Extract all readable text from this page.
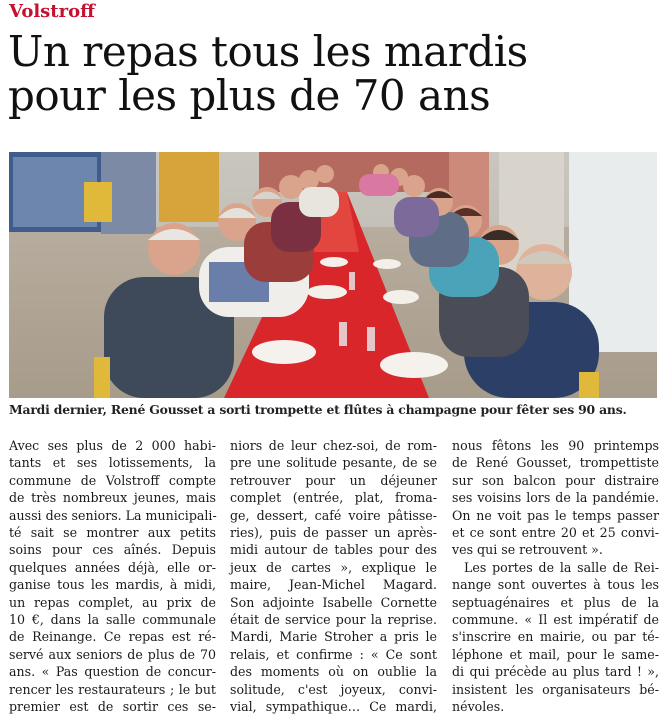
Volstroff
Un repas tous les mardis
pour les plus de 70 ans
Mardi dernier, René Gousset a sorti trompette et flûtes à champagne pour fêter ses 90 ans.
Avec ses plus de 2 000 habi-
tants et ses lotissements, la
commune de Volstroff compte
de très nombreux jeunes, mais
aussi des seniors. La municipali-
té sait se montrer aux petits
soins pour ces aînés. Depuis
quelques années déjà, elle or-
ganise tous les mardis, à midi,
un repas complet, au prix de
10 €, dans la salle communale
de Reinange. Ce repas est ré-
servé aux seniors de plus de 70
ans. « Pas question de concur-
rencer les restaurateurs ; le but
premier est de sortir ces se-
niors de leur chez-soi, de rom-
pre une solitude pesante, de se
retrouver pour un déjeuner
complet (entrée, plat, froma-
ge, dessert, café voire pâtisse-
ries), puis de passer un après-
midi autour de tables pour des
jeux de cartes », explique le
maire, Jean-Michel Magard.
Son adjointe Isabelle Cornette
était de service pour la reprise.
Mardi, Marie Stroher a pris le
relais, et confirme : « Ce sont
des moments où on oublie la
solitude, c'est joyeux, convi-
vial, sympathique… Ce mardi,
nous fêtons les 90 printemps
de René Gousset, trompettiste
sur son balcon pour distraire
ses voisins lors de la pandémie.
On ne voit pas le temps passer
et ce sont entre 20 et 25 convi-
ves qui se retrouvent ».
Les portes de la salle de Rei-
nange sont ouvertes à tous les
septuagénaires et plus de la
commune. « Il est impératif de
s'inscrire en mairie, ou par té-
léphone et mail, pour le same-
di qui précède au plus tard ! »,
insistent les organisateurs bé-
névoles.
